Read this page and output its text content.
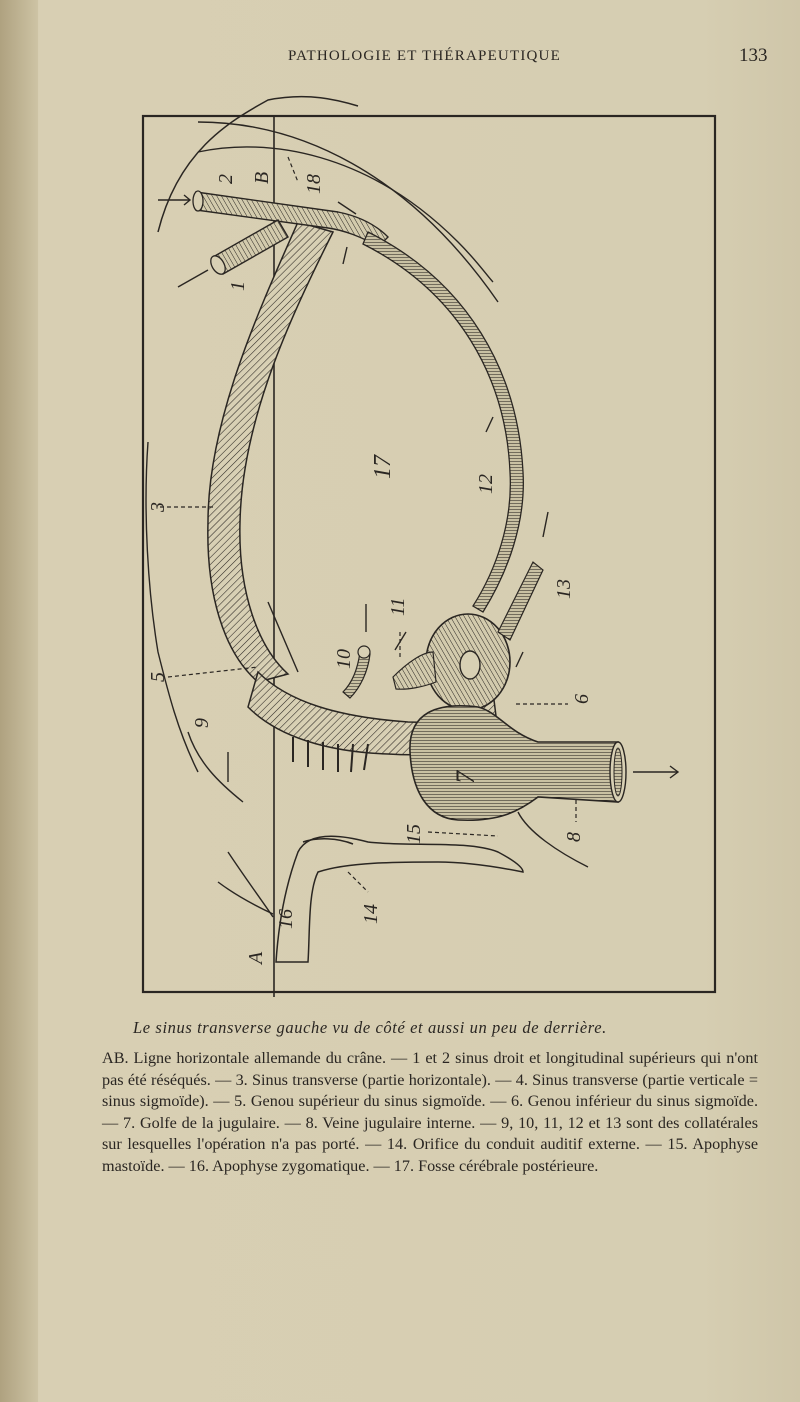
PATHOLOGIE ET THÉRAPEUTIQUE	133
A
B
1
2
3
5
6
7
8
9
10
11
12
13
14
15
16
17
18
Le sinus transverse gauche vu de côté et aussi un peu de derrière.

AB. Ligne horizontale allemande du crâne. — 1 et 2 sinus droit et longitudinal supérieurs qui n'ont pas été réséqués. — 3. Sinus transverse (partie horizontale). — 4. Sinus transverse (partie verticale = sinus sigmoïde). — 5. Genou supérieur du sinus sigmoïde. — 6. Genou inférieur du sinus sigmoïde. — 7. Golfe de la jugulaire. — 8. Veine jugulaire interne. — 9, 10, 11, 12 et 13 sont des collatérales sur lesquelles l'opération n'a pas porté. — 14. Orifice du conduit auditif externe. — 15. Apophyse mastoïde. — 16. Apophyse zygomatique. — 17. Fosse cérébrale postérieure.
